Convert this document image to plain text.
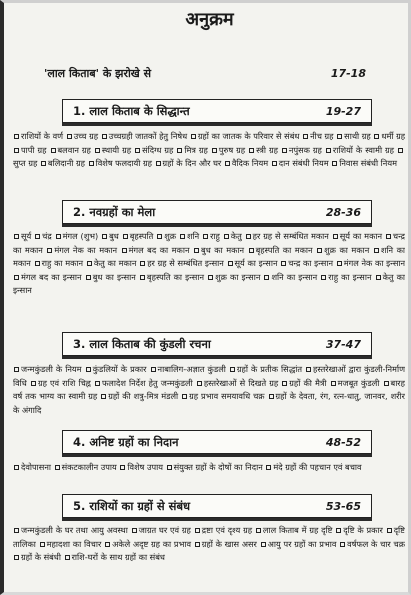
अनुक्रम
'लाल किताब' के झरोखे से	17-18
1. लाल किताब के सिद्धान्त	19-27
राशियों के वर्ण उच्च ग्रह उच्चग्रही जातकों हेतु निषेध ग्रहों का जातक के परिवार से संबंध नीच ग्रह साथी ग्रह धर्मी ग्रह पापी ग्रह बलवान ग्रह स्थायी ग्रह संदिग्ध ग्रह मित्र ग्रह पुरुष ग्रह स्त्री ग्रह नपुंसक ग्रह राशियों के स्वामी ग्रह सुप्त ग्रह बलिदानी ग्रह विशेष फलदायी ग्रह ग्रहों के दिन और घर वैदिक नियम दान संबंधी नियम निवास संबंधी नियम
2. नवग्रहों का मेला	28-36
सूर्य चंद्र मंगल (शुभ) बुध बृहस्पति शुक्र शनि राहु केतु हर ग्रह से सम्बंधित मकान सूर्य का मकान चन्द्र का मकान मंगल नेक का मकान मंगल बद का मकान बुध का मकान बृहस्पति का मकान शुक्र का मकान शनि का मकान राहु का मकान केतु का मकान हर ग्रह से सम्बंधित इन्सान सूर्य का इन्सान चन्द्र का इन्सान मंगल नेक का इन्सान मंगल बद का इन्सान बुध का इन्सान बृहस्पति का इन्सान शुक्र का इन्सान शनि का इन्सान राहु का इन्सान केतु का इन्सान
3. लाल किताब की कुंडली रचना	37-47
जन्मकुंडली के नियम कुंडलियों के प्रकार नाबालिग-अज्ञात कुंडली ग्रहों के प्रतीक सिद्धांत हस्तरेखाओं द्वारा कुंडली-निर्माण विधि ग्रह एवं राशि चिह्न फलादेश निर्देश हेतु जन्मकुंडली हस्तरेखाओं से दिखते ग्रह ग्रहों की मैत्री मजबूत कुंडली बारह वर्ष तक भाग्य का स्वामी ग्रह ग्रहों की शत्रु-मित्र मंडली ग्रह प्रभाव समयावधि चक्र ग्रहों के देवता, रंग, रत्न-धातु, जानवर, शरीर के अंगादि
4. अनिष्ट ग्रहों का निदान	48-52
देवोपासना संकटकालीन उपाय विशेष उपाय संयुक्त ग्रहों के दोषों का निदान मंदे ग्रहों की पहचान एवं बचाव
5. राशियों का ग्रहों से संबंध	53-65
जन्मकुंडली के घर तथा आयु अवस्था जाग्रत घर एवं ग्रह द्रष्टा एवं दृश्य ग्रह लाल किताब में ग्रह दृष्टि दृष्टि के प्रकार दृष्टि तालिका महादशा का विचार अकेले अदृष्ट ग्रह का प्रभाव ग्रहों के खास असर आयु पर ग्रहों का प्रभाव वर्षफल के चार चक्र ग्रहों के संबंधी राशि-घरों के साथ ग्रहों का संबंध
